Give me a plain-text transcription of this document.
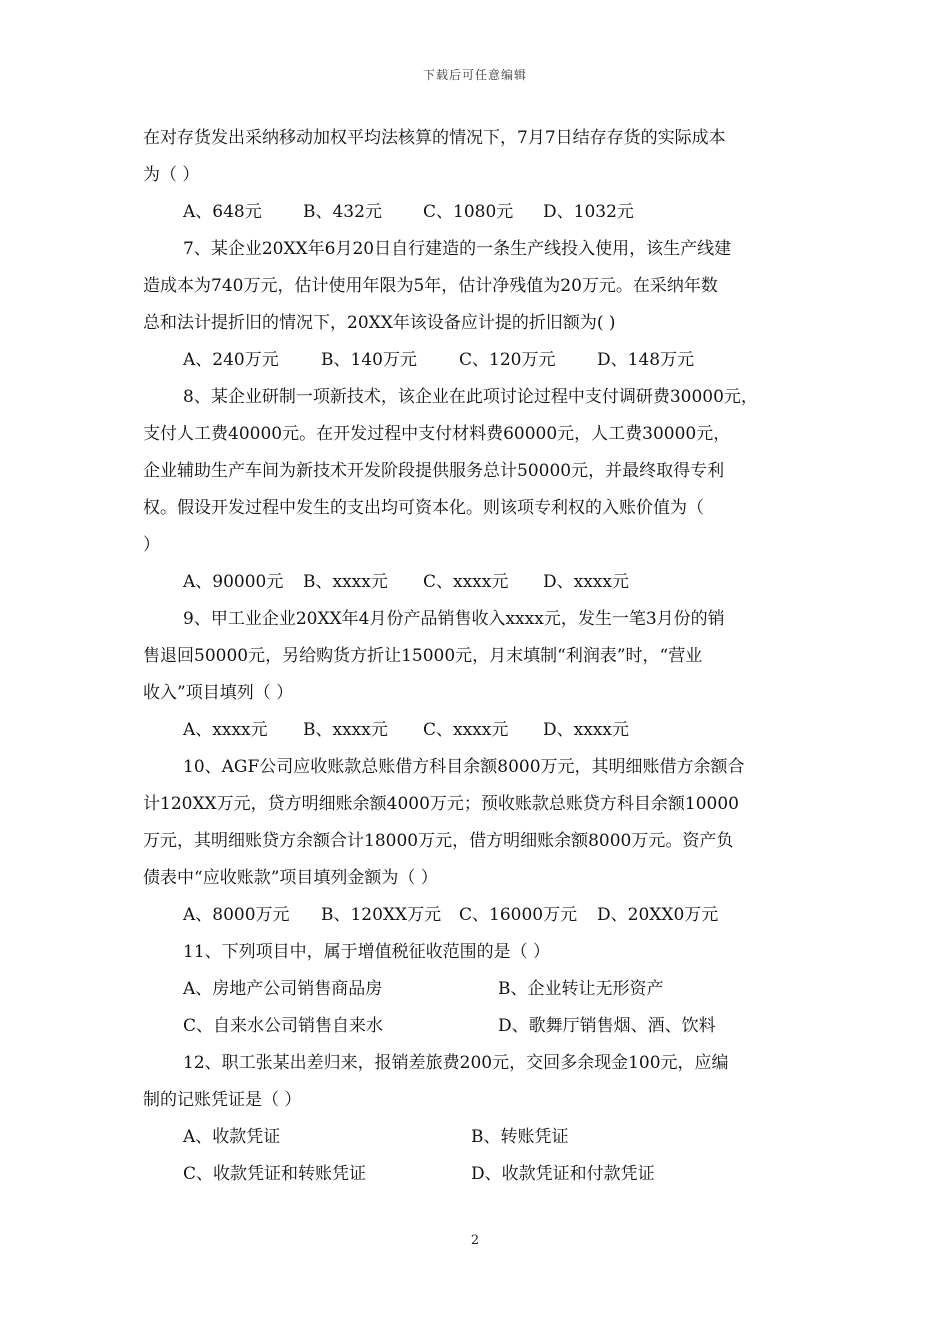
下载后可任意编辑
在对存货发出采纳移动加权平均法核算的情况下，7月7日结存存货的实际成本
为（ ）
A、648元	B、432元	C、1080元	D、1032元
7、某企业20XX年6月20日自行建造的一条生产线投入使用，该生产线建
造成本为740万元，估计使用年限为5年，估计净残值为20万元。在采纳年数
总和法计提折旧的情况下，20XX年该设备应计提的折旧额为( )
A、240万元	B、140万元	C、120万元	D、148万元
8、某企业研制一项新技术，该企业在此项讨论过程中支付调研费30000元，
支付人工费40000元。在开发过程中支付材料费60000元，人工费30000元，
企业辅助生产车间为新技术开发阶段提供服务总计50000元，并最终取得专利
权。假设开发过程中发生的支出均可资本化。则该项专利权的入账价值为（
）
A、90000元	B、xxxx元	C、xxxx元	D、xxxx元
9、甲工业企业20XX年4月份产品销售收入xxxx元，发生一笔3月份的销
售退回50000元，另给购货方折让15000元，月末填制“利润表”时，“营业
收入”项目填列（ ）
A、xxxx元	B、xxxx元	C、xxxx元	D、xxxx元
10、AGF公司应收账款总账借方科目余额8000万元，其明细账借方余额合
计120XX万元，贷方明细账余额4000万元；预收账款总账贷方科目余额10000
万元，其明细账贷方余额合计18000万元，借方明细账余额8000万元。资产负
债表中“应收账款”项目填列金额为（ ）
A、8000万元	B、120XX万元	C、16000万元	D、20XX0万元
11、下列项目中，属于增值税征收范围的是（ ）
A、房地产公司销售商品房	B、企业转让无形资产
C、自来水公司销售自来水	D、歌舞厅销售烟、酒、饮料
12、职工张某出差归来，报销差旅费200元，交回多余现金100元，应编
制的记账凭证是（ ）
A、收款凭证	B、转账凭证
C、收款凭证和转账凭证	D、收款凭证和付款凭证
2
